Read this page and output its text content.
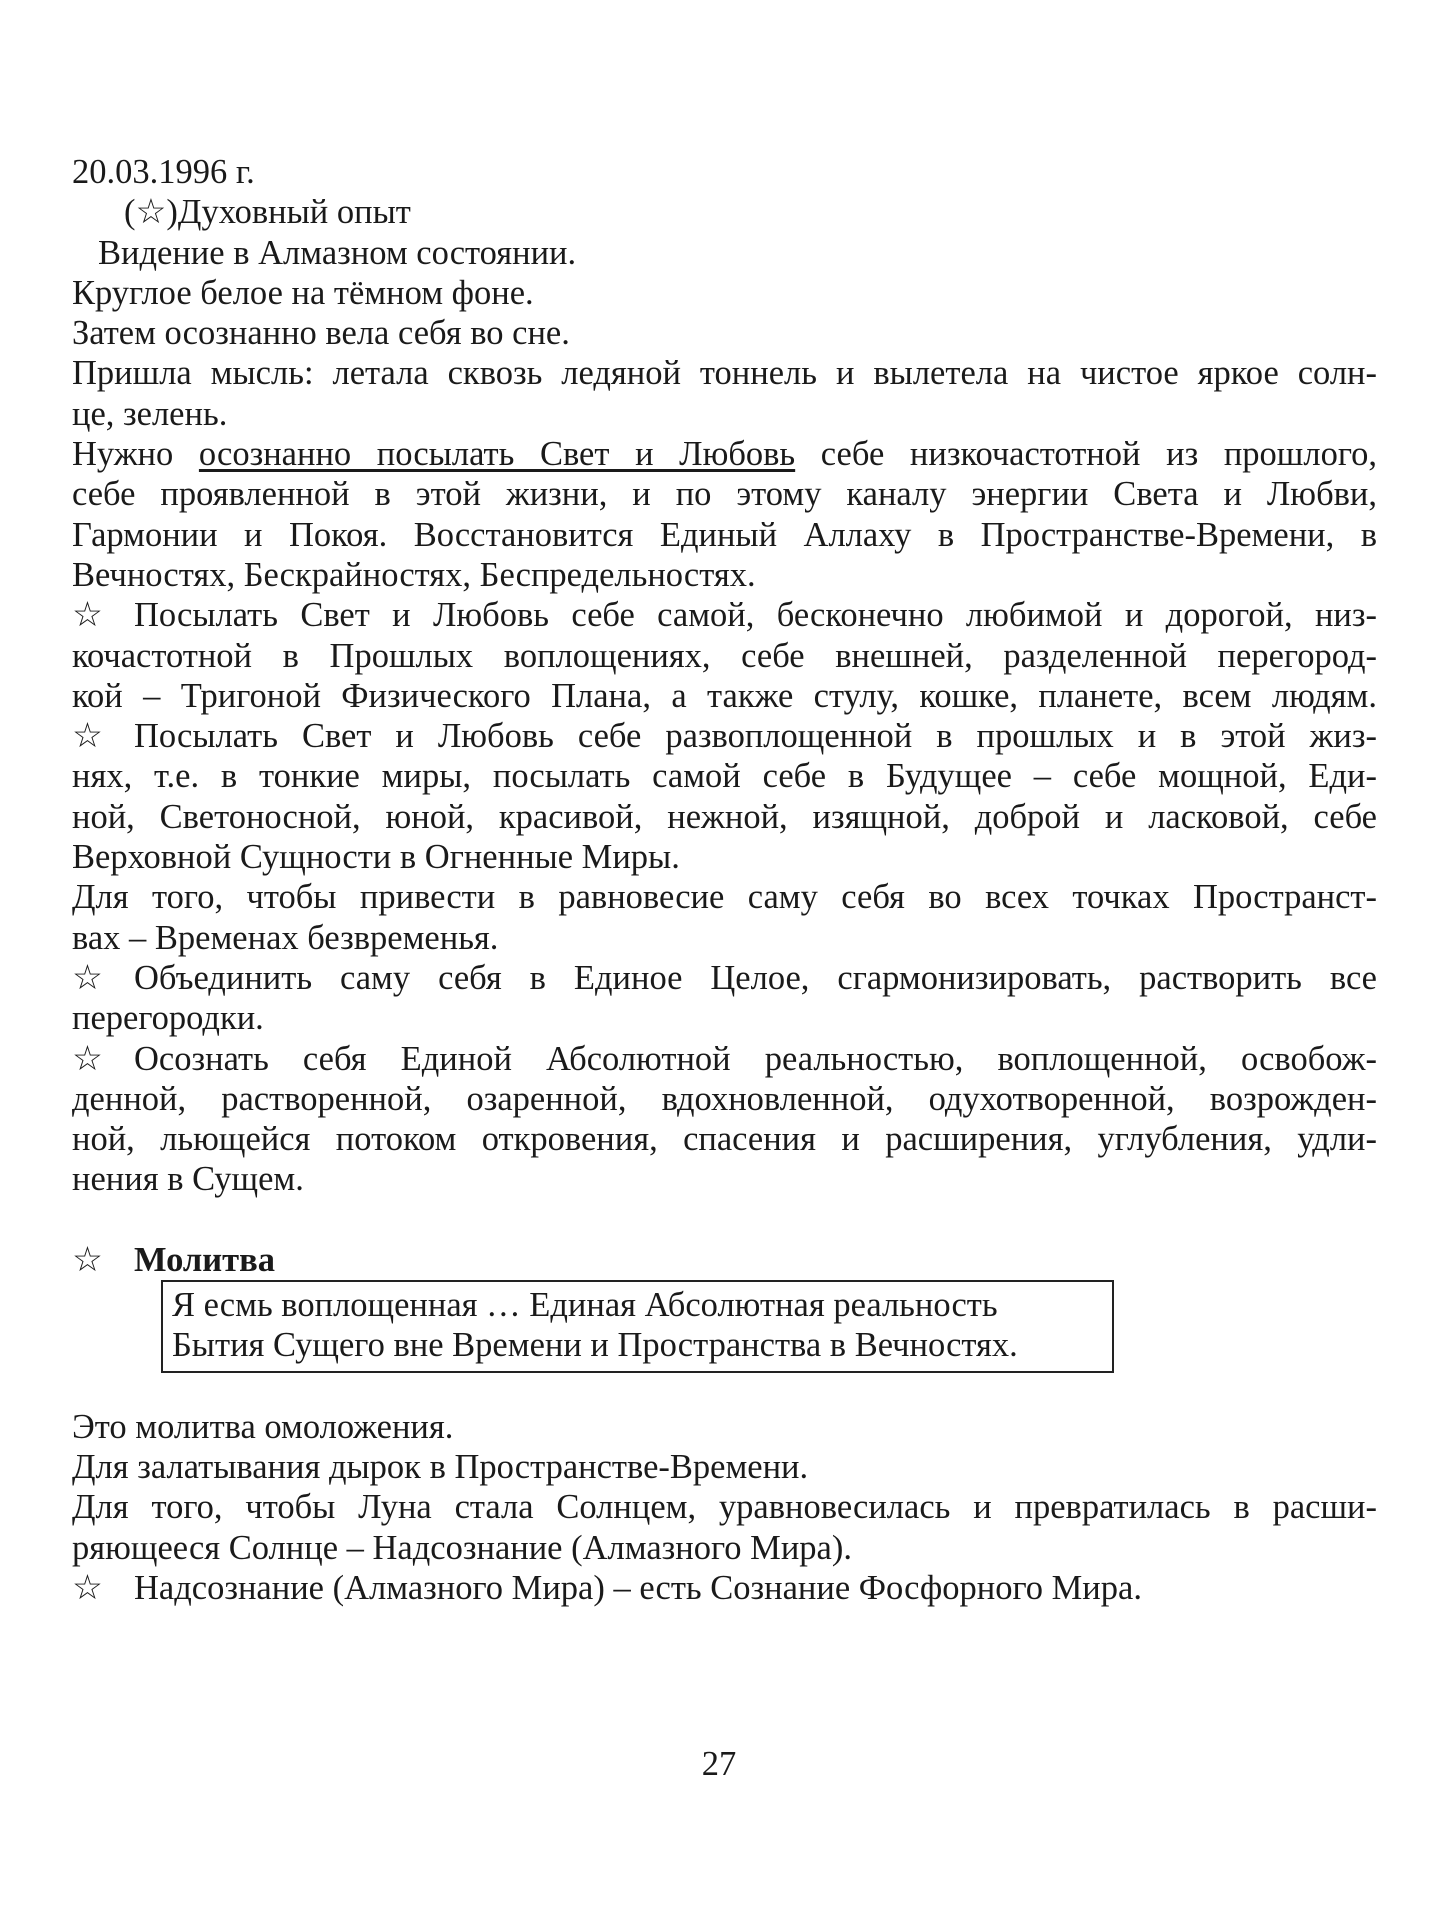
20.03.1996 г.
(☆)Духовный опыт
Видение в Алмазном состоянии.
Круглое белое на тёмном фоне.
Затем осознанно вела себя во сне.
Пришла мысль: летала сквозь ледяной тоннель и вылетела на чистое яркое солн-
це, зелень.
Нужно осознанно посылать Свет и Любовь себе низкочастотной из прошлого,
себе проявленной в этой жизни, и по этому каналу энергии Света и Любви,
Гармонии и Покоя. Восстановится Единый Аллаху в Пространстве-Времени, в
Вечностях, Бескрайностях, Беспредельностях.
☆ Посылать Свет и Любовь себе самой, бесконечно любимой и дорогой, низ-
кочастотной в Прошлых воплощениях, себе внешней, разделенной перегород-
кой – Тригоной Физического Плана, а также стулу, кошке, планете, всем людям.
☆ Посылать Свет и Любовь себе развоплощенной в прошлых и в этой жиз-
нях, т.е. в тонкие миры, посылать самой себе в Будущее – себе мощной, Еди-
ной, Светоносной, юной, красивой, нежной, изящной, доброй и ласковой, себе
Верховной Сущности в Огненные Миры.
Для того, чтобы привести в равновесие саму себя во всех точках Пространст-
вах – Временах безвременья.
☆ Объединить саму себя в Единое Целое, сгармонизировать, растворить все
перегородки.
☆ Осознать себя Единой Абсолютной реальностью, воплощенной, освобож-
денной, растворенной, озаренной, вдохновленной, одухотворенной, возрожден-
ной, льющейся потоком откровения, спасения и расширения, углубления, удли-
нения в Сущем.
☆ Молитва
Я есмь воплощенная … Единая Абсолютная реальность
Бытия Сущего вне Времени и Пространства в Вечностях.
Это молитва омоложения.
Для залатывания дырок в Пространстве-Времени.
Для того, чтобы Луна стала Солнцем, уравновесилась и превратилась в расши-
ряющееся Солнце – Надсознание (Алмазного Мира).
☆ Надсознание (Алмазного Мира) – есть Сознание Фосфорного Мира.
27
